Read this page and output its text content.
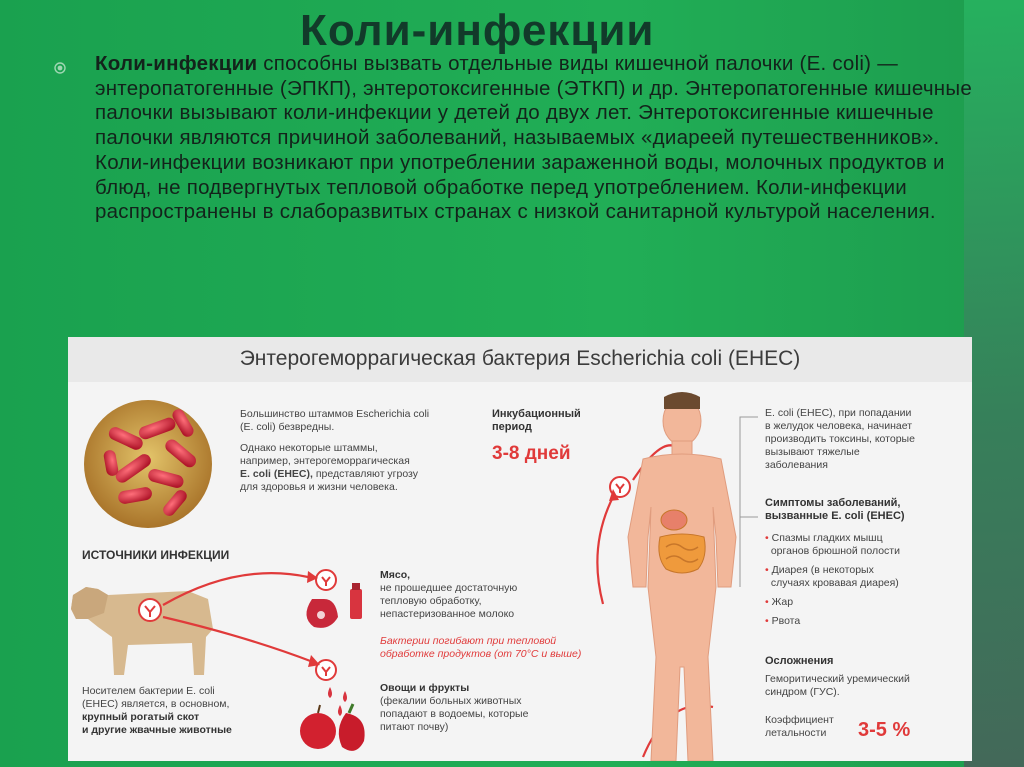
Коли-инфекции
Коли-инфекции способны вызвать отдельные виды кишечной палочки (E. coli) — энтеропатогенные (ЭПКП), энтеротоксигенные (ЭТКП) и др. Энтеропатогенные кишечные палочки вызывают коли-инфекции у детей до двух лет. Энтеротоксигенные кишечные палочки являются причиной заболеваний, называемых «диареей путешественников». Коли-инфекции возникают при употреблении зараженной воды, молочных продуктов и блюд, не подвергнутых тепловой обработке перед употреблением. Коли-инфекции распространены в слаборазвитых странах с низкой санитарной культурой населения.
Энтерогеморрагическая бактерия Escherichia coli (EHEC)
Большинство штаммов Escherichia coli
(E. coli) безвредны.
Однако некоторые штаммы,
например, энтерогеморрагическая
E. coli (EHEC), представляют угрозу
для здоровья и жизни человека.
Инкубационный
период
3-8 дней
ИСТОЧНИКИ ИНФЕКЦИИ
Мясо,
не прошедшее достаточную
тепловую обработку,
непастеризованное молоко
Бактерии погибают при тепловой
обработке продуктов (от 70°С и выше)
Овощи и фрукты
(фекалии больных животных
попадают в водоемы, которые
питают почву)
Носителем бактерии E. coli
(EHEC) является, в основном,
крупный рогатый скот
и другие жвачные животные
E. coli (EHEC), при попадании
в желудок человека, начинает
производить токсины, которые
вызывают тяжелые
заболевания
Симптомы заболеваний,
вызванные E. coli (EHEC)
• Спазмы гладких мышц
органов брюшной полости
• Диарея (в некоторых
случаях кровавая диарея)
• Жар
• Рвота
Осложнения
Геморитический уремический
синдром (ГУС).
Коэффициент
летальности	3-5 %
